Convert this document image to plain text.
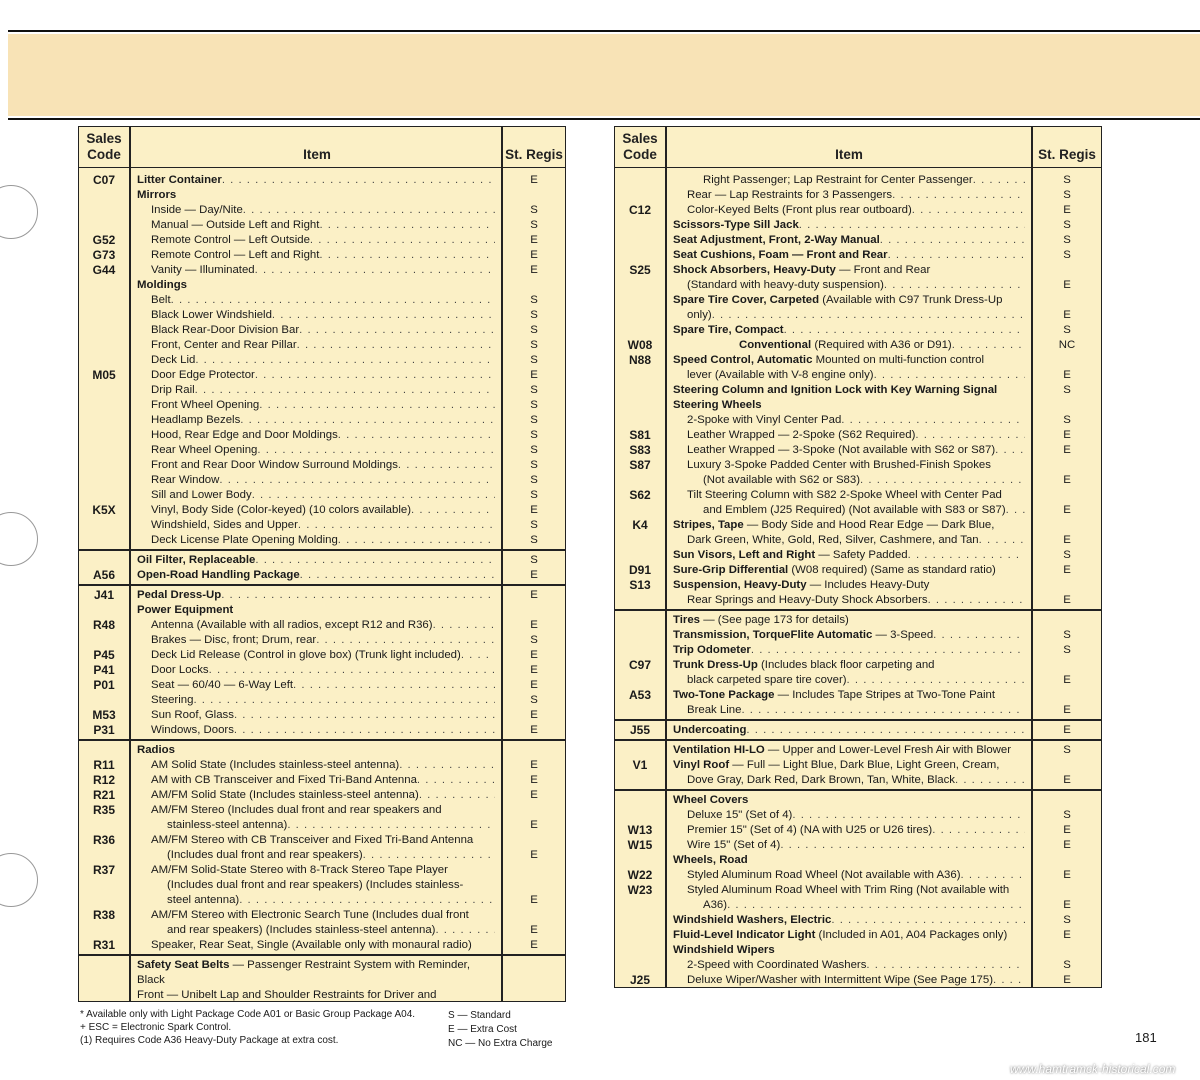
Sales
Code	Item	St. Regis
C07	Litter Container . . .	E
Mirrors
Inside — Day/Nite . . .	S
Manual — Outside Left and Right . . .	S
G52	Remote Control — Left Outside . . .	E
G73	Remote Control — Left and Right . . .	E
G44	Vanity — Illuminated . . .	E
Moldings
Belt . . .	S
Black Lower Windshield . . .	S
Black Rear-Door Division Bar . . .	S
Front, Center and Rear Pillar . . .	S
Deck Lid . . .	S
M05	Door Edge Protector . . .	E
Drip Rail . . .	S
Front Wheel Opening . . .	S
Headlamp Bezels . . .	S
Hood, Rear Edge and Door Moldings . . .	S
Rear Wheel Opening . . .	S
Front and Rear Door Window Surround Moldings . . .	S
Rear Window . . .	S
Sill and Lower Body . . .	S
K5X	Vinyl, Body Side (Color-keyed) (10 colors available) . . .	E
Windshield, Sides and Upper . . .	S
Deck License Plate Opening Molding . . .	S
Oil Filter, Replaceable . . .	S
A56	Open-Road Handling Package . . .	E
J41	Pedal Dress-Up . . .	E
Power Equipment
R48	Antenna (Available with all radios, except R12 and R36) . . .	E
Brakes — Disc, front; Drum, rear . . .	S
P45	Deck Lid Release (Control in glove box) (Trunk light included) . . .	E
P41	Door Locks . . .	E
P01	Seat — 60/40 — 6-Way Left . . .	E
Steering . . .	S
M53	Sun Roof, Glass . . .	E
P31	Windows, Doors . . .	E
Radios
R11	AM Solid State (Includes stainless-steel antenna) . . .	E
R12	AM with CB Transceiver and Fixed Tri-Band Antenna . . .	E
R21	AM/FM Solid State (Includes stainless-steel antenna) . . .	E
R35	AM/FM Stereo (Includes dual front and rear speakers and
stainless-steel antenna) . . .	E
R36	AM/FM Stereo with CB Transceiver and Fixed Tri-Band Antenna
(Includes dual front and rear speakers) . . .	E
R37	AM/FM Solid-State Stereo with 8-Track Stereo Tape Player
(Includes dual front and rear speakers) (Includes stainless-
steel antenna) . . .	E
R38	AM/FM Stereo with Electronic Search Tune (Includes dual front
and rear speakers) (Includes stainless-steel antenna) . . .	E
R31	Speaker, Rear Seat, Single (Available only with monaural radio)	E
Safety Seat Belts — Passenger Restraint System with Reminder,
Black
Front — Unibelt Lap and Shoulder Restraints for Driver and
Sales
Code	Item	St. Regis
Right Passenger; Lap Restraint for Center Passenger . . .	S
Rear — Lap Restraints for 3 Passengers . . .	S
C12	Color-Keyed Belts (Front plus rear outboard) . . .	E
Scissors-Type Sill Jack . . .	S
Seat Adjustment, Front, 2-Way Manual . . .	S
Seat Cushions, Foam — Front and Rear . . .	S
S25	Shock Absorbers, Heavy-Duty — Front and Rear
(Standard with heavy-duty suspension) . . .	E
Spare Tire Cover, Carpeted (Available with C97 Trunk Dress-Up
only) . . .	E
Spare Tire, Compact . . .	S
W08	Conventional (Required with A36 or D91) . . .	NC
N88	Speed Control, Automatic Mounted on multi-function control
lever (Available with V-8 engine only) . . .	E
Steering Column and Ignition Lock with Key Warning Signal	S
Steering Wheels
2-Spoke with Vinyl Center Pad . . .	S
S81	Leather Wrapped — 2-Spoke (S62 Required) . . .	E
S83	Leather Wrapped — 3-Spoke (Not available with S62 or S87) . . .	E
S87	Luxury 3-Spoke Padded Center with Brushed-Finish Spokes
(Not available with S62 or S83) . . .	E
S62	Tilt Steering Column with S82 2-Spoke Wheel with Center Pad
and Emblem (J25 Required) (Not available with S83 or S87) . . .	E
K4	Stripes, Tape — Body Side and Hood Rear Edge — Dark Blue,
Dark Green, White, Gold, Red, Silver, Cashmere, and Tan . . .	E
Sun Visors, Left and Right — Safety Padded . . .	S
D91	Sure-Grip Differential (W08 required) (Same as standard ratio)	E
S13	Suspension, Heavy-Duty — Includes Heavy-Duty
Rear Springs and Heavy-Duty Shock Absorbers . . .	E
Tires — (See page 173 for details)
Transmission, TorqueFlite Automatic — 3-Speed . . .	S
Trip Odometer . . .	S
C97	Trunk Dress-Up (Includes black floor carpeting and
black carpeted spare tire cover) . . .	E
A53	Two-Tone Package — Includes Tape Stripes at Two-Tone Paint
Break Line . . .	E
J55	Undercoating . . .	E
Ventilation HI-LO — Upper and Lower-Level Fresh Air with Blower	S
V1	Vinyl Roof — Full — Light Blue, Dark Blue, Light Green, Cream,
Dove Gray, Dark Red, Dark Brown, Tan, White, Black . . .	E
Wheel Covers
Deluxe 15" (Set of 4) . . .	S
W13	Premier 15" (Set of 4) (NA with U25 or U26 tires) . . .	E
W15	Wire 15" (Set of 4) . . .	E
Wheels, Road
W22	Styled Aluminum Road Wheel (Not available with A36) . . .	E
W23	Styled Aluminum Road Wheel with Trim Ring (Not available with
A36) . . .	E
Windshield Washers, Electric . . .	S
Fluid-Level Indicator Light (Included in A01, A04 Packages only)	E
Windshield Wipers
2-Speed with Coordinated Washers . . .	S
J25	Deluxe Wiper/Washer with Intermittent Wipe (See Page 175) . . .	E
* Available only with Light Package Code A01 or Basic Group Package A04.
+ ESC = Electronic Spark Control.
(1) Requires Code A36 Heavy-Duty Package at extra cost.
S — Standard
E — Extra Cost
NC — No Extra Charge	181
www.hamtramck-historical.com
